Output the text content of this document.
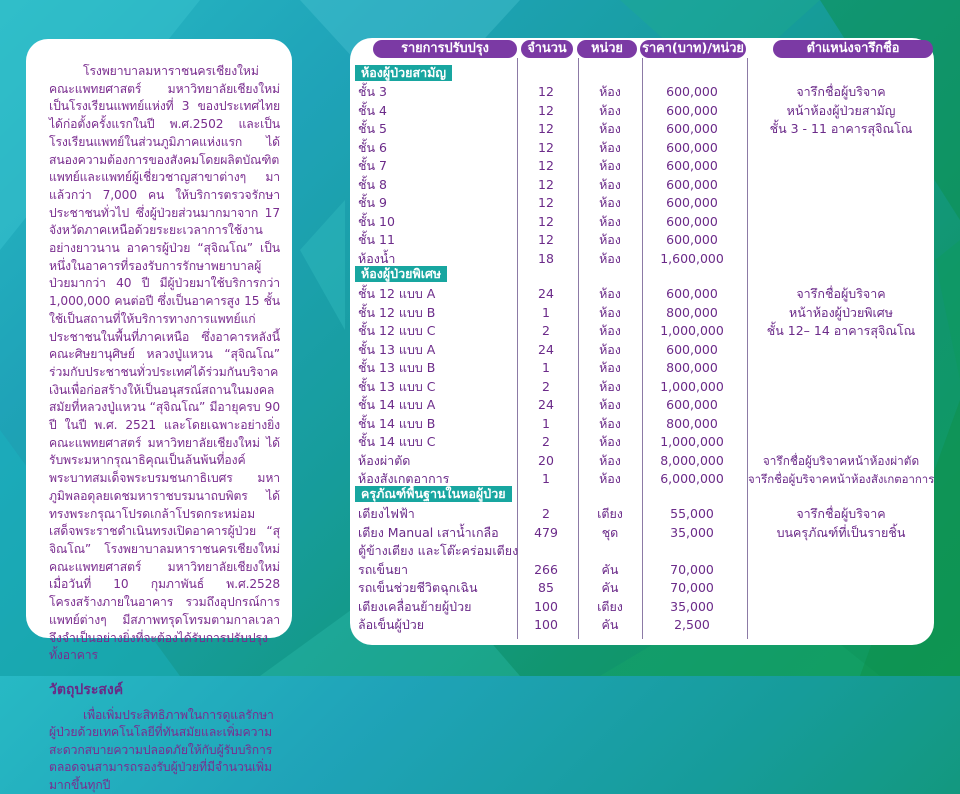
โรงพยาบาลมหาราชนครเชียงใหม่ คณะแพทยศาสตร์ มหาวิทยาลัยเชียงใหม่ เป็นโรงเรียนแพทย์แห่งที่ 3 ของประเทศไทยได้ก่อตั้งครั้งแรกในปี พ.ศ.2502 และเป็นโรงเรียนแพทย์ในส่วนภูมิภาคแห่งแรก ได้สนองความต้องการของสังคมโดยผลิตบัณฑิตแพทย์และแพทย์ผู้เชี่ยวชาญสาขาต่างๆ มาแล้วกว่า 7,000 คน ให้บริการตรวจรักษาประชาชนทั่วไป ซึ่งผู้ป่วยส่วนมากมาจาก 17 จังหวัดภาคเหนือด้วยระยะเวลาการใช้งานอย่างยาวนาน อาคารผู้ป่วย “สุจิณโณ” เป็นหนึ่งในอาคารที่รองรับการรักษาพยาบาลผู้ป่วยมากว่า 40 ปี มีผู้ป่วยมาใช้บริการกว่า 1,000,000 คนต่อปี ซึ่งเป็นอาคารสูง 15 ชั้น ใช้เป็นสถานที่ให้บริการทางการแพทย์แก่ประชาชนในพื้นที่ภาคเหนือ ซึ่งอาคารหลังนี้คณะศิษยานุศิษย์ หลวงปู่แหวน “สุจิณโณ” ร่วมกับประชาชนทั่วประเทศได้ร่วมกันบริจาคเงินเพื่อก่อสร้างให้เป็นอนุสรณ์สถานในมงคลสมัยที่หลวงปู่แหวน “สุจิณโณ” มีอายุครบ 90 ปี ในปี พ.ศ. 2521 และโดยเฉพาะอย่างยิ่ง คณะแพทยศาสตร์ มหาวิทยาลัยเชียงใหม่ ได้รับพระมหากรุณาธิคุณเป็นล้นพ้นที่องค์พระบาทสมเด็จพระบรมชนกาธิเบศร มหาภูมิพลอดุลยเดชมหาราชบรมนาถบพิตร ได้ทรงพระกรุณาโปรดเกล้าโปรดกระหม่อมเสด็จพระราชดำเนินทรงเปิดอาคารผู้ป่วย “สุจิณโณ” โรงพยาบาลมหาราชนครเชียงใหม่ คณะแพทยศาสตร์ มหาวิทยาลัยเชียงใหม่ เมื่อวันที่ 10 กุมภาพันธ์ พ.ศ.2528 โครงสร้างภายในอาคาร รวมถึงอุปกรณ์การแพทย์ต่างๆ มีสภาพทรุดโทรมตามกาลเวลาจึงจำเป็นอย่างยิ่งที่จะต้องได้รับการปรับปรุงทั้งอาคาร

วัตถุประสงค์

เพื่อเพิ่มประสิทธิภาพในการดูแลรักษาผู้ป่วยด้วยเทคโนโลยีที่ทันสมัยและเพิ่มความสะดวกสบายความปลอดภัยให้กับผู้รับบริการตลอดจนสามารถรองรับผู้ป่วยที่มีจำนวนเพิ่มมากขึ้นทุกปี

รายการปรับปรุง	จำนวน	หน่วย	ราคา(บาท)/หน่วย	ตำแหน่งจารึกชื่อ
ห้องผู้ป่วยสามัญ
ห้องผู้ป่วยพิเศษ
ครุภัณฑ์พื้นฐานในหอผู้ป่วย
ชั้น 3	12	ห้อง	600,000	จารึกชื่อผู้บริจาค
ชั้น 4	12	ห้อง	600,000	หน้าห้องผู้ป่วยสามัญ
ชั้น 5	12	ห้อง	600,000	ชั้น 3 - 11 อาคารสุจิณโณ
ชั้น 6	12	ห้อง	600,000
ชั้น 7	12	ห้อง	600,000
ชั้น 8	12	ห้อง	600,000
ชั้น 9	12	ห้อง	600,000
ชั้น 10	12	ห้อง	600,000
ชั้น 11	12	ห้อง	600,000
ห้องน้ำ	18	ห้อง	1,600,000
ชั้น 12 แบบ A	24	ห้อง	600,000	จารึกชื่อผู้บริจาค
ชั้น 12 แบบ B	1	ห้อง	800,000	หน้าห้องผู้ป่วยพิเศษ
ชั้น 12 แบบ C	2	ห้อง	1,000,000	ชั้น 12– 14 อาคารสุจิณโณ
ชั้น 13 แบบ A	24	ห้อง	600,000
ชั้น 13 แบบ B	1	ห้อง	800,000
ชั้น 13 แบบ C	2	ห้อง	1,000,000
ชั้น 14 แบบ A	24	ห้อง	600,000
ชั้น 14 แบบ B	1	ห้อง	800,000
ชั้น 14 แบบ C	2	ห้อง	1,000,000
ห้องผ่าตัด	20	ห้อง	8,000,000	จารึกชื่อผู้บริจาคหน้าห้องผ่าตัด
ห้องสังเกตอาการ	1	ห้อง	6,000,000	จารึกชื่อผู้บริจาคหน้าห้องสังเกตอาการ
เตียงไฟฟ้า	2	เตียง	55,000	จารึกชื่อผู้บริจาค
เตียง Manual เสาน้ำเกลือ	479	ชุด	35,000	บนครุภัณฑ์ที่เป็นรายชิ้น
ตู้ข้างเตียง และโต๊ะคร่อมเตียง
รถเข็นยา	266	คัน	70,000
รถเข็นช่วยชีวิตฉุกเฉิน	85	คัน	70,000
เตียงเคลื่อนย้ายผู้ป่วย	100	เตียง	35,000
ล้อเข็นผู้ป่วย	100	คัน	2,500
